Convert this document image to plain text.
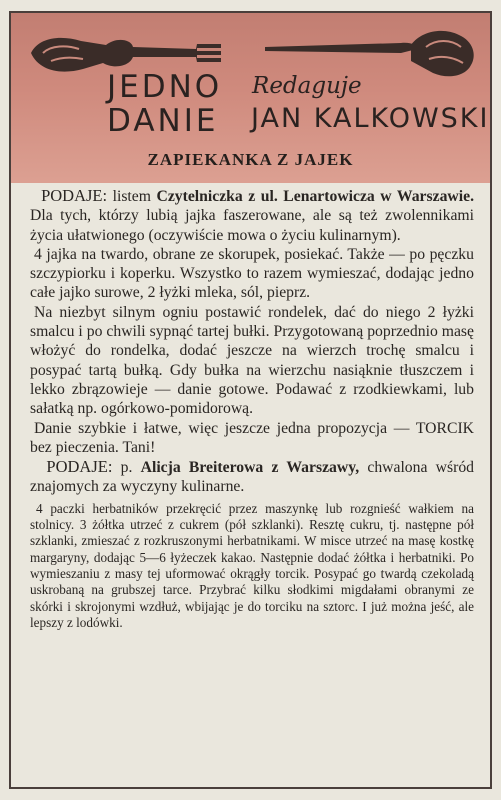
JEDNO
DANIE
Redaguje
JAN KALKOWSKI
ZAPIEKANKA Z JAJEK

PODAJE: listem Czytelniczka z ul. Lenartowicza w Warszawie. Dla tych, którzy lubią jajka faszerowane, ale są też zwolennikami życia ułatwionego (oczywiście mowa o życiu kulinarnym).

4 jajka na twardo, obrane ze skorupek, posiekać. Także — po pęczku szczypiorku i koperku. Wszystko to razem wymieszać, dodając jedno całe jajko surowe, 2 łyżki mleka, sól, pieprz.

Na niezbyt silnym ogniu postawić rondelek, dać do niego 2 łyżki smalcu i po chwili sypnąć tartej bułki. Przygotowaną poprzednio masę włożyć do rondelka, dodać jeszcze na wierzch trochę smalcu i posypać tartą bułką. Gdy bułka na wierzchu nasiąknie tłuszczem i lekko zbrązowieje — danie gotowe. Podawać z rzodkiewkami, lub sałatką np. ogórkowo-pomidorową.

Danie szybkie i łatwe, więc jeszcze jedna propozycja — TORCIK bez pieczenia. Tani!

PODAJE: p. Alicja Breiterowa z Warszawy, chwalona wśród znajomych za wyczyny kulinarne.

4 paczki herbatników przekręcić przez maszynkę lub rozgnieść wałkiem na stolnicy. 3 żółtka utrzeć z cukrem (pół szklanki). Resztę cukru, tj. następne pół szklanki, zmieszać z rozkruszonymi herbatnikami. W misce utrzeć na masę kostkę margaryny, dodając 5—6 łyżeczek kakao. Następnie dodać żółtka i herbatniki. Po wymieszaniu z masy tej uformować okrągły torcik. Posypać go twardą czekoladą uskrobaną na grubszej tarce. Przybrać kilku słodkimi migdałami obranymi ze skórki i skrojonymi wzdłuż, wbijając je do torciku na sztorc. I już można jeść, ale lepszy z lodówki.
